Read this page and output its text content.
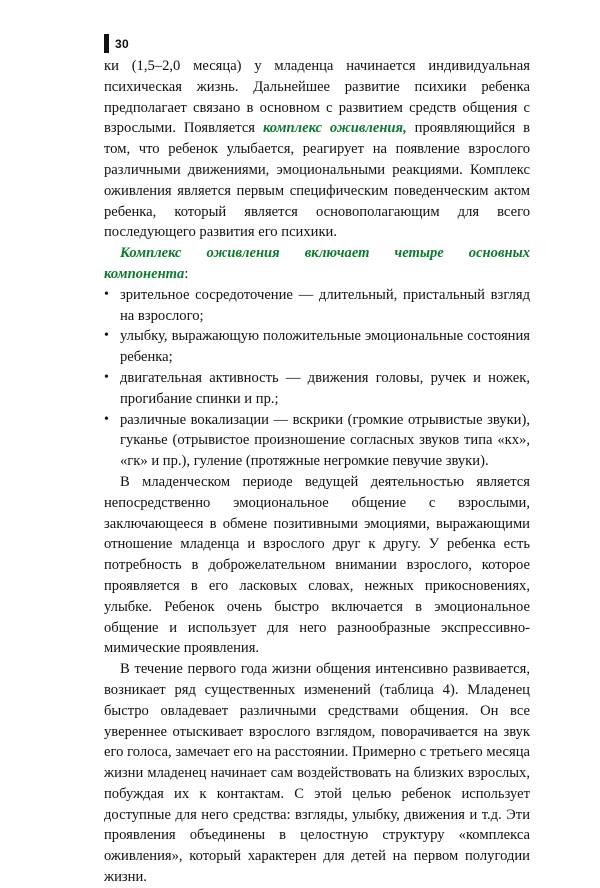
30

ки (1,5–2,0 месяца) у младенца начинается индивидуальная психическая жизнь. Дальнейшее развитие психики ребенка предполагает связано в основном с развитием средств общения с взрослыми. Появляется комплекс оживления, проявляющийся в том, что ребенок улыбается, реагирует на появление взрослого различными движениями, эмоциональными реакциями. Комплекс оживления является первым специфическим поведенческим актом ребенка, который является основополагающим для всего последующего развития его психики.

Комплекс оживления включает четыре основных компонента:

• зрительное сосредоточение — длительный, пристальный взгляд на взрослого;
• улыбку, выражающую положительные эмоциональные состояния ребенка;
• двигательная активность — движения головы, ручек и ножек, прогибание спинки и пр.;
• различные вокализации — вскрики (громкие отрывистые звуки), гуканье (отрывистое произношение согласных звуков типа «кх», «гк» и пр.), гуление (протяжные негромкие певучие звуки).

В младенческом периоде ведущей деятельностью является непосредственно эмоциональное общение с взрослыми, заключающееся в обмене позитивными эмоциями, выражающими отношение младенца и взрослого друг к другу. У ребенка есть потребность в доброжелательном внимании взрослого, которое проявляется в его ласковых словах, нежных прикосновениях, улыбке. Ребенок очень быстро включается в эмоциональное общение и использует для него разнообразные экспрессивно-мимические проявления.

В течение первого года жизни общения интенсивно развивается, возникает ряд существенных изменений (таблица 4). Младенец быстро овладевает различными средствами общения. Он все увереннее отыскивает взрослого взглядом, поворачивается на звук его голоса, замечает его на расстоянии. Примерно с третьего месяца жизни младенец начинает сам воздействовать на близких взрослых, побуждая их к контактам. С этой целью ребенок использует доступные для него средства: взгляды, улыбку, движения и т.д. Эти проявления объединены в целостную структуру «комплекса оживления», который характерен для детей на первом полугодии жизни.
